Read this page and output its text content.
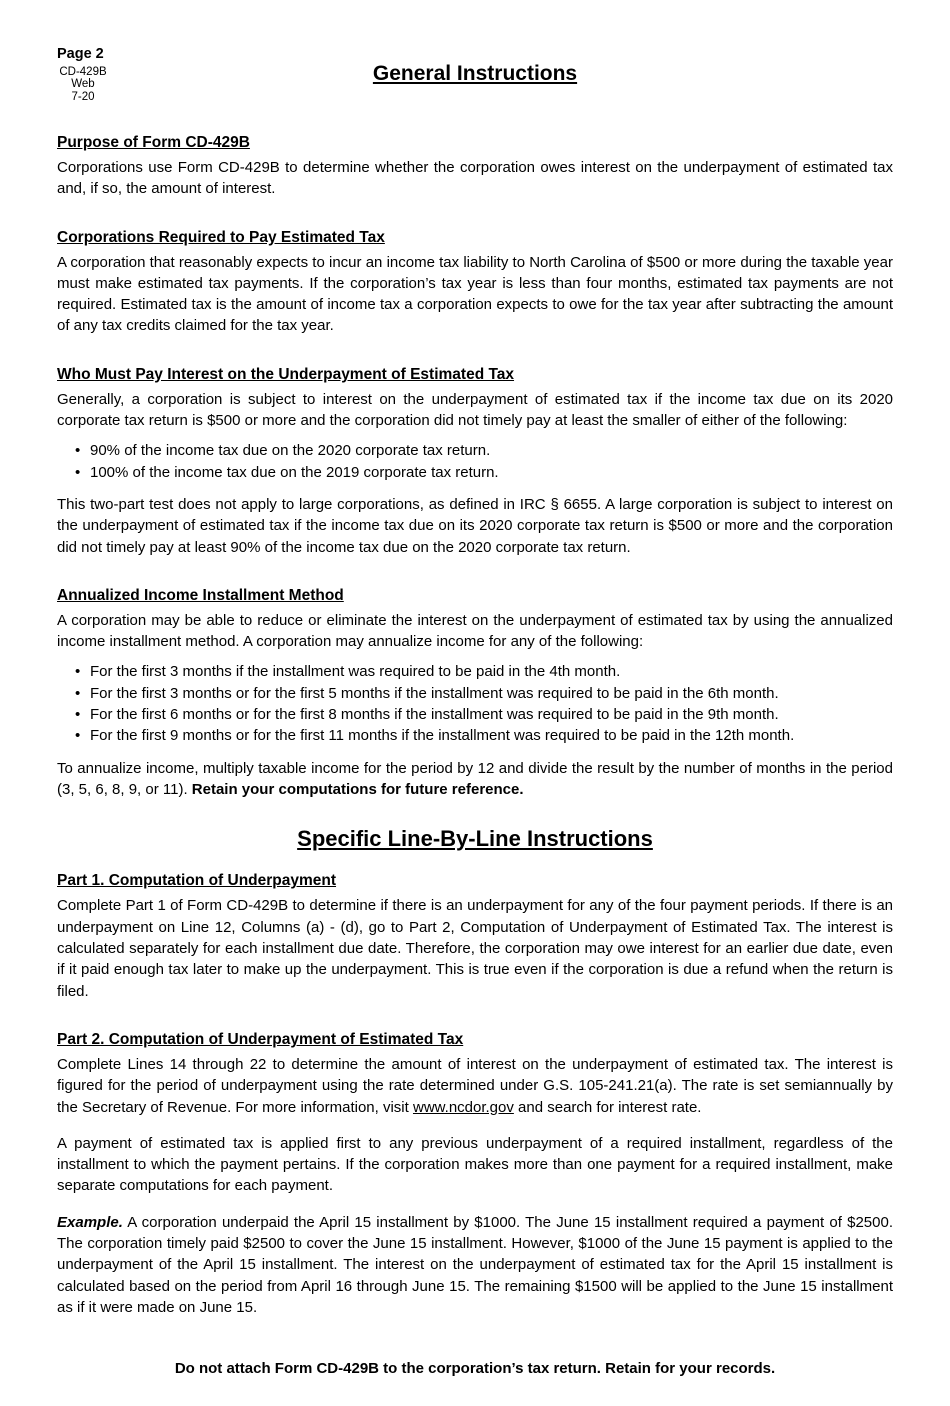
Page 2
CD-429B
Web
7-20
General Instructions
Purpose of Form CD-429B

Corporations use Form CD-429B to determine whether the corporation owes interest on the underpayment of estimated tax and, if so, the amount of interest.

Corporations Required to Pay Estimated Tax

A corporation that reasonably expects to incur an income tax liability to North Carolina of $500 or more during the taxable year must make estimated tax payments. If the corporation’s tax year is less than four months, estimated tax payments are not required. Estimated tax is the amount of income tax a corporation expects to owe for the tax year after subtracting the amount of any tax credits claimed for the tax year.

Who Must Pay Interest on the Underpayment of Estimated Tax

Generally, a corporation is subject to interest on the underpayment of estimated tax if the income tax due on its 2020 corporate tax return is $500 or more and the corporation did not timely pay at least the smaller of either of the following:

• 90% of the income tax due on the 2020 corporate tax return.
• 100% of the income tax due on the 2019 corporate tax return.

This two-part test does not apply to large corporations, as defined in IRC § 6655. A large corporation is subject to interest on the underpayment of estimated tax if the income tax due on its 2020 corporate tax return is $500 or more and the corporation did not timely pay at least 90% of the income tax due on the 2020 corporate tax return.

Annualized Income Installment Method

A corporation may be able to reduce or eliminate the interest on the underpayment of estimated tax by using the annualized income installment method. A corporation may annualize income for any of the following:

• For the first 3 months if the installment was required to be paid in the 4th month.
• For the first 3 months or for the first 5 months if the installment was required to be paid in the 6th month.
• For the first 6 months or for the first 8 months if the installment was required to be paid in the 9th month.
• For the first 9 months or for the first 11 months if the installment was required to be paid in the 12th month.

To annualize income, multiply taxable income for the period by 12 and divide the result by the number of months in the period (3, 5, 6, 8, 9, or 11). Retain your computations for future reference.

Specific Line-By-Line Instructions
Part 1. Computation of Underpayment

Complete Part 1 of Form CD-429B to determine if there is an underpayment for any of the four payment periods. If there is an underpayment on Line 12, Columns (a) - (d), go to Part 2, Computation of Underpayment of Estimated Tax. The interest is calculated separately for each installment due date. Therefore, the corporation may owe interest for an earlier due date, even if it paid enough tax later to make up the underpayment. This is true even if the corporation is due a refund when the return is filed.

Part 2. Computation of Underpayment of Estimated Tax

Complete Lines 14 through 22 to determine the amount of interest on the underpayment of estimated tax. The interest is figured for the period of underpayment using the rate determined under G.S. 105-241.21(a). The rate is set semiannually by the Secretary of Revenue. For more information, visit www.ncdor.gov and search for interest rate.

A payment of estimated tax is applied first to any previous underpayment of a required installment, regardless of the installment to which the payment pertains. If the corporation makes more than one payment for a required installment, make separate computations for each payment.

Example. A corporation underpaid the April 15 installment by $1000. The June 15 installment required a payment of $2500. The corporation timely paid $2500 to cover the June 15 installment. However, $1000 of the June 15 payment is applied to the underpayment of the April 15 installment. The interest on the underpayment of estimated tax for the April 15 installment is calculated based on the period from April 16 through June 15. The remaining $1500 will be applied to the June 15 installment as if it were made on June 15.

Do not attach Form CD-429B to the corporation’s tax return. Retain for your records.
